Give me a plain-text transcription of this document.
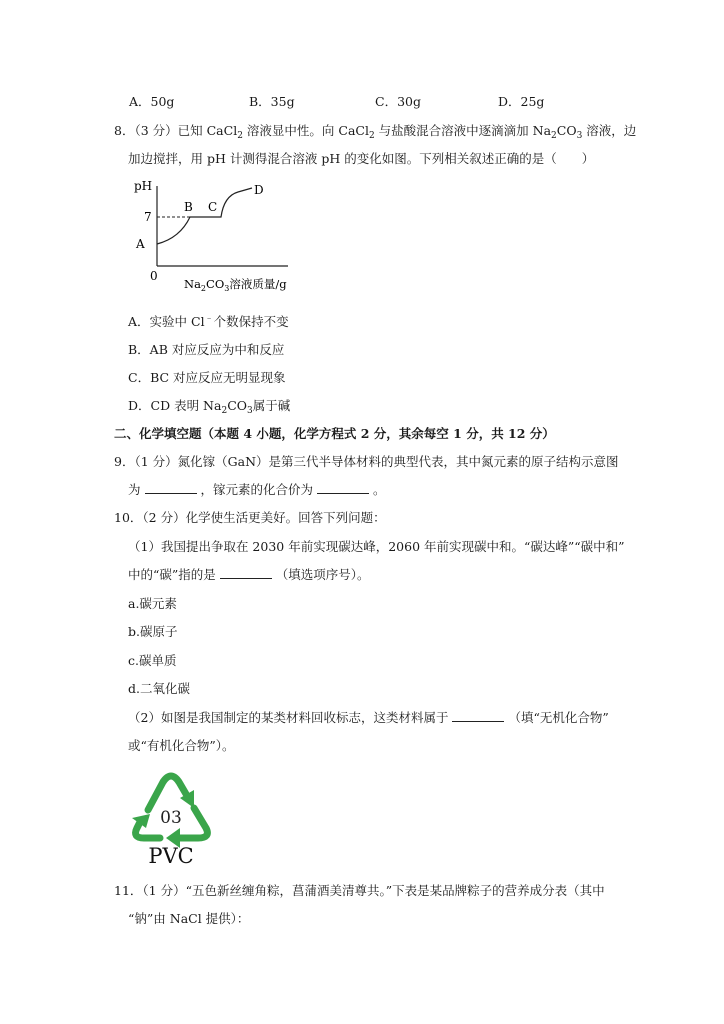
A．50g	B．35g	C．30g	D．25g
8．（3 分）已知 CaCl$_2$ 溶液显中性。向 CaCl$_2$ 与盐酸混合溶液中逐滴滴加 $Na_2CO_3$ 溶液，边
加边搅拌，用 pH 计测得混合溶液 pH 的变化如图。下列相关叙述正确的是（　　）
pH
7
0
A
B C
D
$Na_2CO_3$溶液质量/g
A．实验中 Cl﹣个数保持不变
B．AB 对应反应为中和反应
C．BC 对应反应无明显现象
D．CD 表明 $Na_2CO_3$属于碱
二、化学填空题（本题 4 小题，化学方程式 2 分，其余每空 1 分，共 12 分）
9．（1 分）氮化镓（GaN）是第三代半导体材料的典型代表，其中氮元素的原子结构示意图
为	，镓元素的化合价为	。
10．（2 分）化学使生活更美好。回答下列问题：
（1）我国提出争取在 2030 年前实现碳达峰，2060 年前实现碳中和。“碳达峰”“碳中和”
中的“碳”指的是	（填选项序号）。
a.碳元素
b.碳原子
c.碳单质
d.二氧化碳
（2）如图是我国制定的某类材料回收标志，这类材料属于	（填“无机化合物”
或“有机化合物”）。
03
PVC
11．（1 分）“五色新丝缠角粽，菖蒲酒美清尊共。”下表是某品牌粽子的营养成分表（其中
“钠”由 NaCl 提供）：
